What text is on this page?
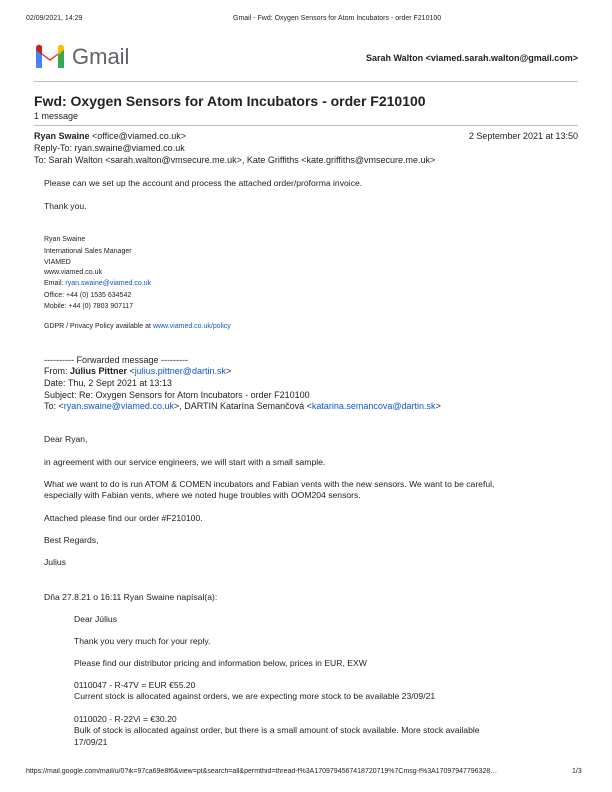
02/09/2021, 14:29	Gmail - Fwd: Oxygen Sensors for Atom Incubators - order F210100
Gmail	Sarah Walton <viamed.sarah.walton@gmail.com>
Fwd: Oxygen Sensors for Atom Incubators - order F210100
1 message
Ryan Swaine <office@viamed.co.uk>	2 September 2021 at 13:50
Reply-To: ryan.swaine@viamed.co.uk
To: Sarah Walton <sarah.walton@vmsecure.me.uk>, Kate Griffiths <kate.griffiths@vmsecure.me.uk>
Please can we set up the account and process the attached order/proforma invoice.
Thank you.
Ryan Swaine
International Sales Manager
VIAMED
www.viamed.co.uk
Email: ryan.swaine@viamed.co.uk
Office: +44 (0) 1535 634542
Mobile: +44 (0) 7803 907117
GDPR / Privacy Policy available at www.viamed.co.uk/policy
---------- Forwarded message ---------
From: Július Pittner <julius.pittner@dartin.sk>
Date: Thu, 2 Sept 2021 at 13:13
Subject: Re: Oxygen Sensors for Atom Incubators - order F210100
To: <ryan.swaine@viamed.co.uk>, DARTIN Katarína Semančová <katarina.semancova@dartin.sk>
Dear Ryan,
in agreement with our service engineers, we will start with a small sample.
What we want to do is run ATOM & COMEN incubators and Fabian vents with the new sensors. We want to be careful,
especially with Fabian vents, where we noted huge troubles with OOM204 sensors.
Attached please find our order #F210100.
Best Regards,
Julius
Dňa 27.8.21 o 16:11 Ryan Swaine napísal(a):
Dear Július
Thank you very much for your reply.
Please find our distributor pricing and information below, prices in EUR, EXW
0110047 - R-47V = EUR €55.20
Current stock is allocated against orders, we are expecting more stock to be available 23/09/21
0110020 - R-22Vi = €30.20
Bulk of stock is allocated against order, but there is a small amount of stock available. More stock available
17/09/21
https://mail.google.com/mail/u/0?ik=97ca69e8f6&view=pt&search=all&permthid=thread-f%3A1709794567418720719%7Cmsg-f%3A17097947796328…	1/3
